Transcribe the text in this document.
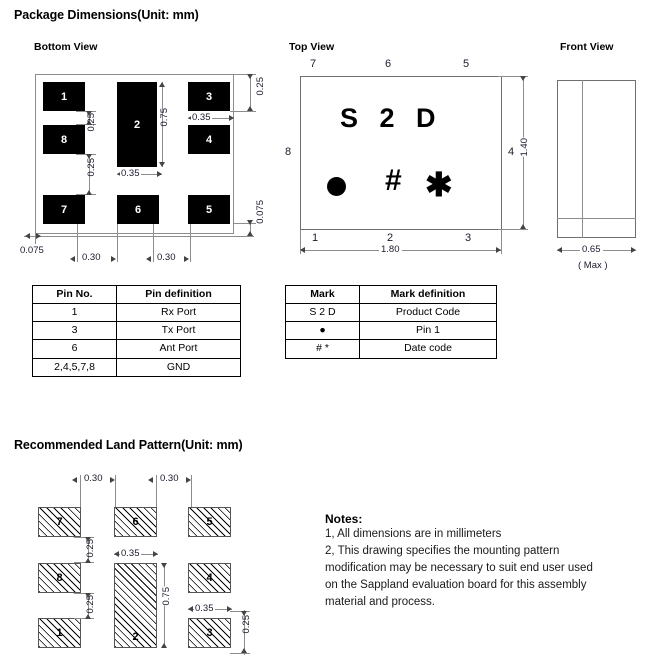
Package Dimensions(Unit: mm)
Bottom View
1
2
3
8	4
7	6	5
0.25
0.25
0.75
0.35
0.35
0.25
0.075
0.075
0.30	0.30
Top View
7	6	5
8	4
S 2 D
# ✱
1	2	3
1.80
1.40
Front View
0.65
( Max )
Pin No.	Pin definition
1	Rx Port
3	Tx Port
6	Ant Port
2,4,5,7,8	GND
Mark	Mark definition
S 2 D	Product Code
●	Pin 1
# *	Date code
Recommended Land Pattern(Unit: mm)
0.30	0.30
7	6	5
8	4
1	2	3
0.25
0.25
0.35
0.75
0.35
0.25
Notes:
1, All dimensions are in millimeters
2, This drawing specifies the mounting pattern
modification may be necessary to suit end user used
on the Sappland evaluation board for this assembly
material and process.
